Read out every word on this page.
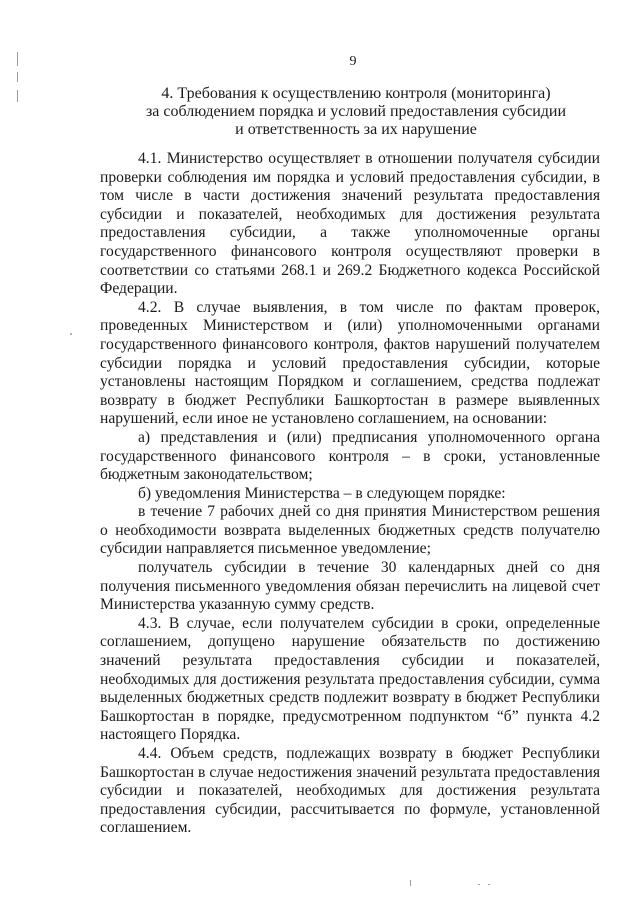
9
4. Требования к осуществлению контроля (мониторинга)
за соблюдением порядка и условий предоставления субсидии
и ответственность за их нарушение

4.1. Министерство осуществляет в отношении получателя субсидии проверки соблюдения им порядка и условий предоставления субсидии, в том числе в части достижения значений результата предоставления субсидии и показателей, необходимых для достижения результата предоставления субсидии, а также уполномоченные органы государственного финансового контроля осуществляют проверки в соответствии со статьями 268.1 и 269.2 Бюджетного кодекса Российской Федерации.

4.2. В случае выявления, в том числе по фактам проверок, проведенных Министерством и (или) уполномоченными органами государственного финансового контроля, фактов нарушений получателем субсидии порядка и условий предоставления субсидии, которые установлены настоящим Порядком и соглашением, средства подлежат возврату в бюджет Республики Башкортостан в размере выявленных нарушений, если иное не установлено соглашением, на основании:

а) представления и (или) предписания уполномоченного органа государственного финансового контроля – в сроки, установленные бюджетным законодательством;

б) уведомления Министерства – в следующем порядке:

в течение 7 рабочих дней со дня принятия Министерством решения о необходимости возврата выделенных бюджетных средств получателю субсидии направляется письменное уведомление;

получатель субсидии в течение 30 календарных дней со дня получения письменного уведомления обязан перечислить на лицевой счет Министерства указанную сумму средств.

4.3. В случае, если получателем субсидии в сроки, определенные соглашением, допущено нарушение обязательств по достижению значений результата предоставления субсидии и показателей, необходимых для достижения результата предоставления субсидии, сумма выделенных бюджетных средств подлежит возврату в бюджет Республики Башкортостан в порядке, предусмотренном подпунктом “б” пункта 4.2 настоящего Порядка.

4.4. Объем средств, подлежащих возврату в бюджет Республики Башкортостан в случае недостижения значений результата предоставления субсидии и показателей, необходимых для достижения результата предоставления субсидии, рассчитывается по формуле, установленной соглашением.
